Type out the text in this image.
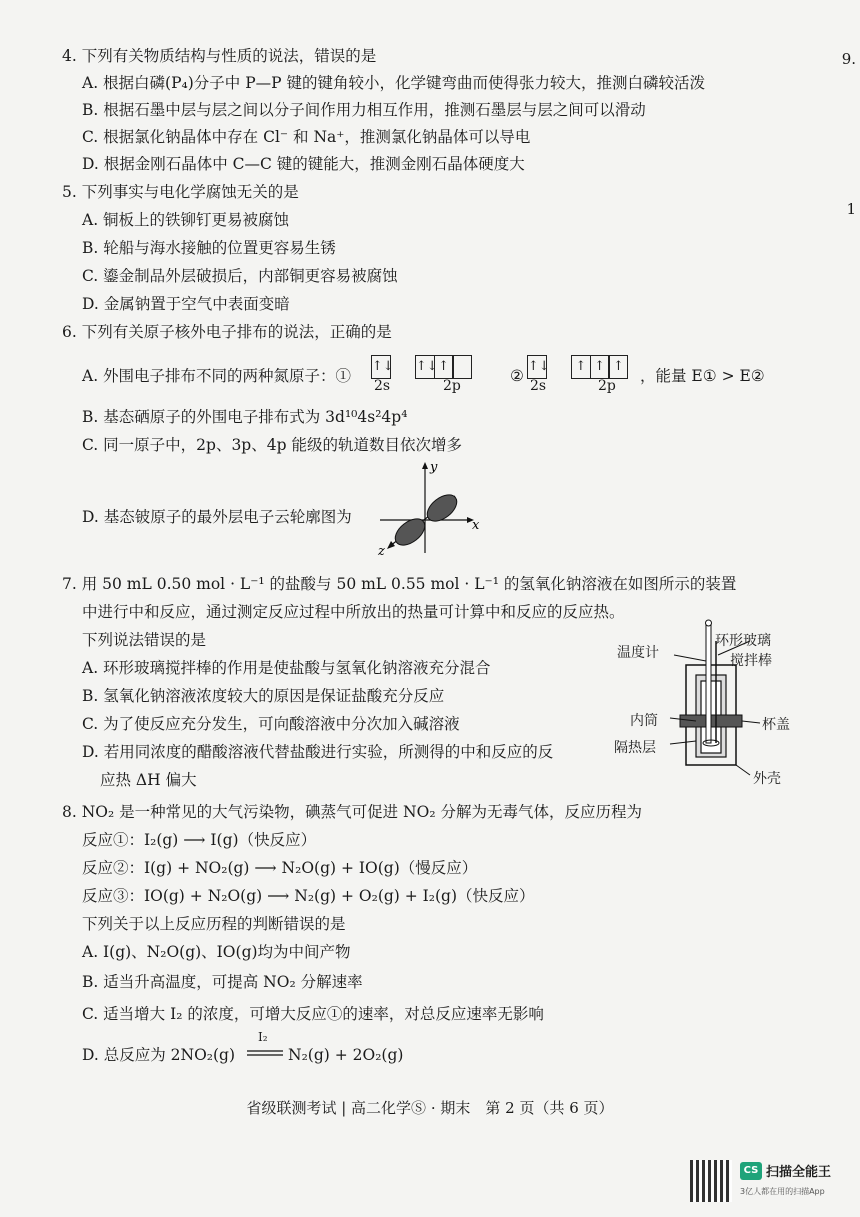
9.
1
4. 下列有关物质结构与性质的说法，错误的是
A. 根据白磷(P₄)分子中 P—P 键的键角较小，化学键弯曲而使得张力较大，推测白磷较活泼
B. 根据石墨中层与层之间以分子间作用力相互作用，推测石墨层与层之间可以滑动
C. 根据氯化钠晶体中存在 Cl⁻ 和 Na⁺，推测氯化钠晶体可以导电
D. 根据金刚石晶体中 C—C 键的键能大，推测金刚石晶体硬度大
5. 下列事实与电化学腐蚀无关的是
A. 铜板上的铁铆钉更易被腐蚀
B. 轮船与海水接触的位置更容易生锈
C. 鎏金制品外层破损后，内部铜更容易被腐蚀
D. 金属钠置于空气中表面变暗
6. 下列有关原子核外电子排布的说法，正确的是
A. 外围电子排布不同的两种氮原子：①
↑↓
2s
↑↓↑
2p
②
↑↓
2s
↑ ↑ ↑
2p
，能量 E① > E②
B. 基态硒原子的外围电子排布式为 3d¹⁰4s²4p⁴
C. 同一原子中，2p、3p、4p 能级的轨道数目依次增多
D. 基态铍原子的最外层电子云轮廓图为
y
x
z
7. 用 50 mL 0.50 mol · L⁻¹ 的盐酸与 50 mL 0.55 mol · L⁻¹ 的氢氧化钠溶液在如图所示的装置
中进行中和反应，通过测定反应过程中所放出的热量可计算中和反应的反应热。
下列说法错误的是
A. 环形玻璃搅拌棒的作用是使盐酸与氢氧化钠溶液充分混合
B. 氢氧化钠溶液浓度较大的原因是保证盐酸充分反应
C. 为了使反应充分发生，可向酸溶液中分次加入碱溶液
D. 若用同浓度的醋酸溶液代替盐酸进行实验，所测得的中和反应的反
应热 ΔH 偏大
温度计
环形玻璃
搅拌棒
内筒	杯盖
隔热层
外壳
8. NO₂ 是一种常见的大气污染物，碘蒸气可促进 NO₂ 分解为无毒气体，反应历程为
反应①：I₂(g) ⟶ I(g)（快反应）
反应②：I(g) + NO₂(g) ⟶ N₂O(g) + IO(g)（慢反应）
反应③：IO(g) + N₂O(g) ⟶ N₂(g) + O₂(g) + I₂(g)（快反应）
下列关于以上反应历程的判断错误的是
A. I(g)、N₂O(g)、IO(g)均为中间产物
B. 适当升高温度，可提高 NO₂ 分解速率
C. 适当增大 I₂ 的浓度，可增大反应①的速率，对总反应速率无影响
D. 总反应为 2NO₂(g)
I₂
N₂(g) + 2O₂(g)
省级联测考试 | 高二化学Ⓢ · 期末　第 2 页（共 6 页）
CS 扫描全能王
3亿人都在用的扫描App
